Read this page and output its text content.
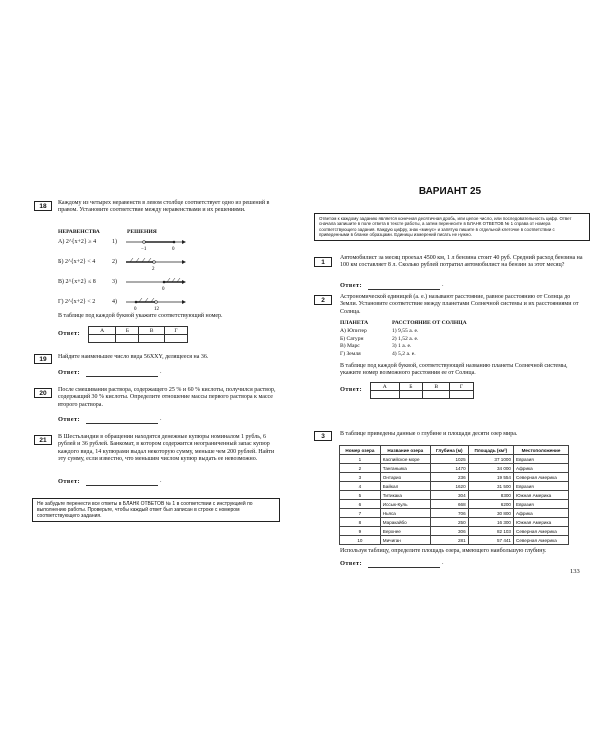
18	Каждому из четырех неравенств в левом столбце соответствует одно из решений в правом. Установите соответствие между неравенствами и их решениями.

НЕРАВЕНСТВА	РЕШЕНИЯ
А) 2^{x+2} ≥ 4
Б) 2^{x+2} < 4
В) 2^{x+2} ≤ 8
Г) 2^{x+2} < 2
1)
−1	0
2)
2
3)
0
4)
0	12

В таблице под каждой буквой укажите соответствующий номер.

Ответ:	А	Б	В	Г

19	Найдите наименьшее число вида 56XXY, делящееся на 36.

Ответ:	.
20	После смешивания раствора, содержащего 25 % и 60 % кислоты, получился раствор, содержащий 30 % кислоты. Определите отношение массы первого раствора к массе второго раствора.

Ответ:	.
21	В Шестьландии в обращении находятся денежные купюры номиналом 1 рубль, 6 рублей и 36 рублей. Банкомат, в котором содержится неограниченный запас купюр каждого вида, 14 купюрами выдал некоторую сумму, меньше чем 200 рублей. Найти эту сумму, если известно, что меньшим числом купюр выдать ее невозможно.

Ответ:	.
Не забудьте перенести все ответы в БЛАНК ОТВЕТОВ № 1 в соответствии с инструкцией по выполнению работы. Проверьте, чтобы каждый ответ был записан в строке с номером соответствующего задания.
ВАРИАНТ 25
Ответом к каждому заданию является конечная десятичная дробь, или целое число, или последовательность цифр. Ответ сначала запишите в поле ответа в тексте работы, а затем перенесите в БЛАНК ОТВЕТОВ № 1 справа от номера соответствующего задания. Каждую цифру, знак «минус» и запятую пишите в отдельной клеточке в соответствии с приведенными в бланке образцами. Единицы измерений писать не нужно.
1

Автомобилист за месяц проехал 4500 км, 1 л бензина стоит 40 руб. Средний расход бензина на 100 км составляет 8 л. Сколько рублей потратил автомобилист на бензин за этот месяц?

Ответ:	.
2	Астрономической единицей (а. е.) называют расстояние, равное расстоянию от Солнца до Земли. Установите соответствие между планетами Солнечной системы и их расстояниями от Солнца.

ПЛАНЕТА	РАССТОЯНИЕ ОТ СОЛНЦА
А) Юпитер
Б) Сатурн
В) Марс
Г) Земля
1) 9,55 а. е.
2) 1,52 а. е.
3) 1 а. е.
4) 5,2 а. е.

В таблице под каждой буквой, соответствующей названию планеты Солнечной системы, укажите номер возможного расстояния ее от Солнца.

Ответ:	А	Б	В	Г

3	В таблице приведены данные о глубине и площади десяти озер мира.

Номер озера	Название озера	Глубина (м)	Площадь (км²)	Местоположение
1	Каспийское море	1025	37 1000	Евразия
2	Танганьика	1470	34 000	Африка
3	Онтарио	236	19 554	Северная Америка
4	Байкал	1620	31 500	Евразия
5	Титикака	304	8300	Южная Америка
6	Иссык-Куль	668	6200	Евразия
7	Ньяса	706	30 800	Африка
8	Маракайбо	250	16 300	Южная Америка
9	Верхнее	306	82 103	Северная Америка
10	Мичиган	281	57 441	Северная Америка

Используя таблицу, определите площадь озера, имеющего наибольшую глубину.

Ответ:	.
133
